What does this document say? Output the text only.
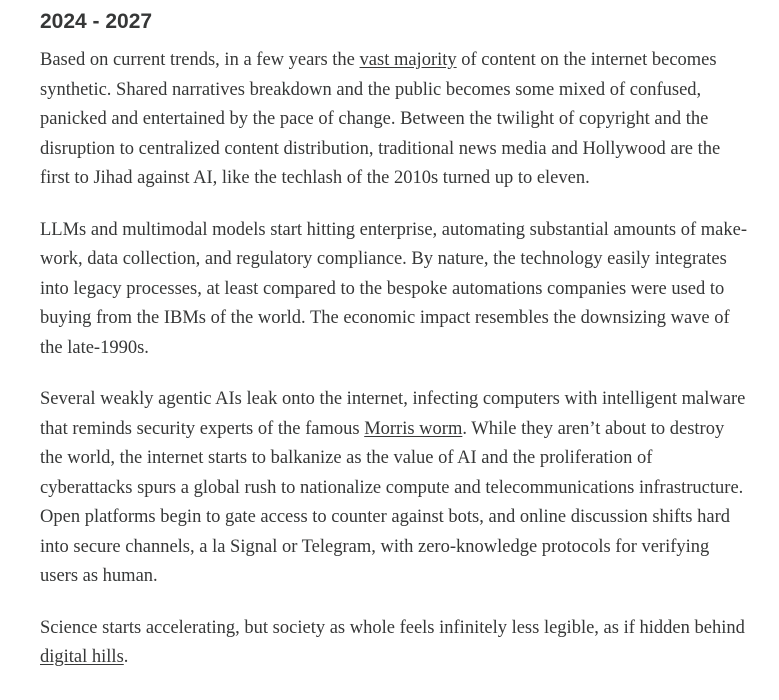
2024 - 2027

Based on current trends, in a few years the vast majority of content on the internet becomes synthetic. Shared narratives breakdown and the public becomes some mixed of confused, panicked and entertained by the pace of change. Between the twilight of copyright and the disruption to centralized content distribution, traditional news media and Hollywood are the first to Jihad against AI, like the techlash of the 2010s turned up to eleven.

LLMs and multimodal models start hitting enterprise, automating substantial amounts of make-work, data collection, and regulatory compliance. By nature, the technology easily integrates into legacy processes, at least compared to the bespoke automations companies were used to buying from the IBMs of the world. The economic impact resembles the downsizing wave of the late-1990s.

Several weakly agentic AIs leak onto the internet, infecting computers with intelligent malware that reminds security experts of the famous Morris worm. While they aren’t about to destroy the world, the internet starts to balkanize as the value of AI and the proliferation of cyberattacks spurs a global rush to nationalize compute and telecommunications infrastructure. Open platforms begin to gate access to counter against bots, and online discussion shifts hard into secure channels, a la Signal or Telegram, with zero-knowledge protocols for verifying users as human.

Science starts accelerating, but society as whole feels infinitely less legible, as if hidden behind digital hills.
